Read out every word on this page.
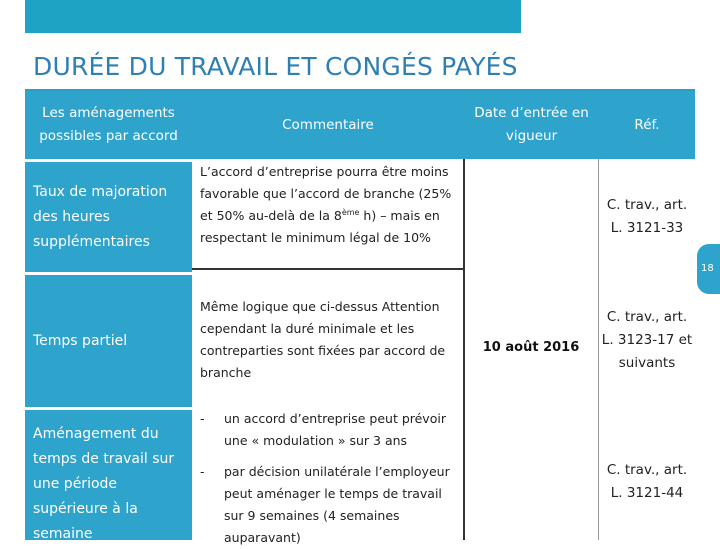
DURÉE DU TRAVAIL ET CONGÉS PAYÉS
Les aménagements possibles par accord
Commentaire
Date d’entrée en vigueur
Réf.
Taux de majoration des heures supplémentaires
Temps partiel
Aménagement du temps de travail sur une période supérieure à la semaine
L’accord d’entreprise pourra être moins favorable que l’accord de branche (25% et 50% au-delà de la 8ème h) – mais en respectant le minimum légal de 10%
Même logique que ci-dessus Attention cependant la duré minimale et les contreparties sont fixées par accord de branche
-	un accord d’entreprise peut prévoir une « modulation » sur 3 ans
-	par décision unilatérale l’employeur peut aménager le temps de travail sur 9 semaines (4 semaines auparavant)
10 août 2016
C. trav., art. L. 3121-33
C. trav., art. L. 3123-17 et suivants
C. trav., art. L. 3121-44
18
